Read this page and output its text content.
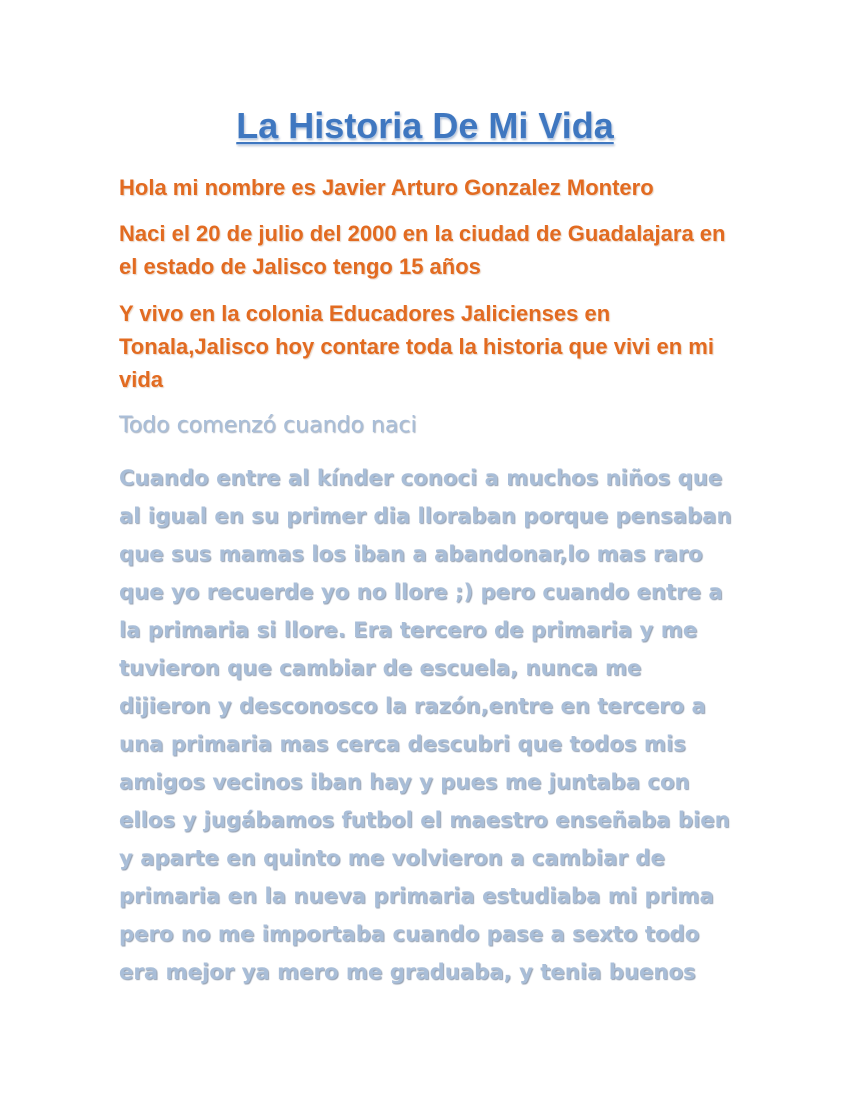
La Historia De Mi Vida

Hola mi nombre es Javier Arturo Gonzalez Montero

Naci el 20 de julio del 2000 en la ciudad de Guadalajara en el estado de Jalisco tengo 15 años

Y vivo en la colonia Educadores Jalicienses en Tonala,Jalisco hoy contare toda la historia que vivi en mi vida

Todo comenzó cuando naci

Cuando entre al kínder conoci a muchos niños que
al igual en su primer dia lloraban porque pensaban
que sus mamas los iban a abandonar,lo mas raro
que yo recuerde yo no llore ;) pero cuando entre a
la primaria si llore. Era tercero de primaria y me
tuvieron que cambiar de escuela, nunca me
dijieron y desconosco la razón,entre en tercero a
una primaria mas cerca descubri que todos mis
amigos vecinos iban hay y pues me juntaba con
ellos y jugábamos futbol el maestro enseñaba bien
y aparte en quinto me volvieron a cambiar de
primaria en la nueva primaria estudiaba mi prima
pero no me importaba cuando pase a sexto todo
era mejor ya mero me graduaba, y tenia buenos
